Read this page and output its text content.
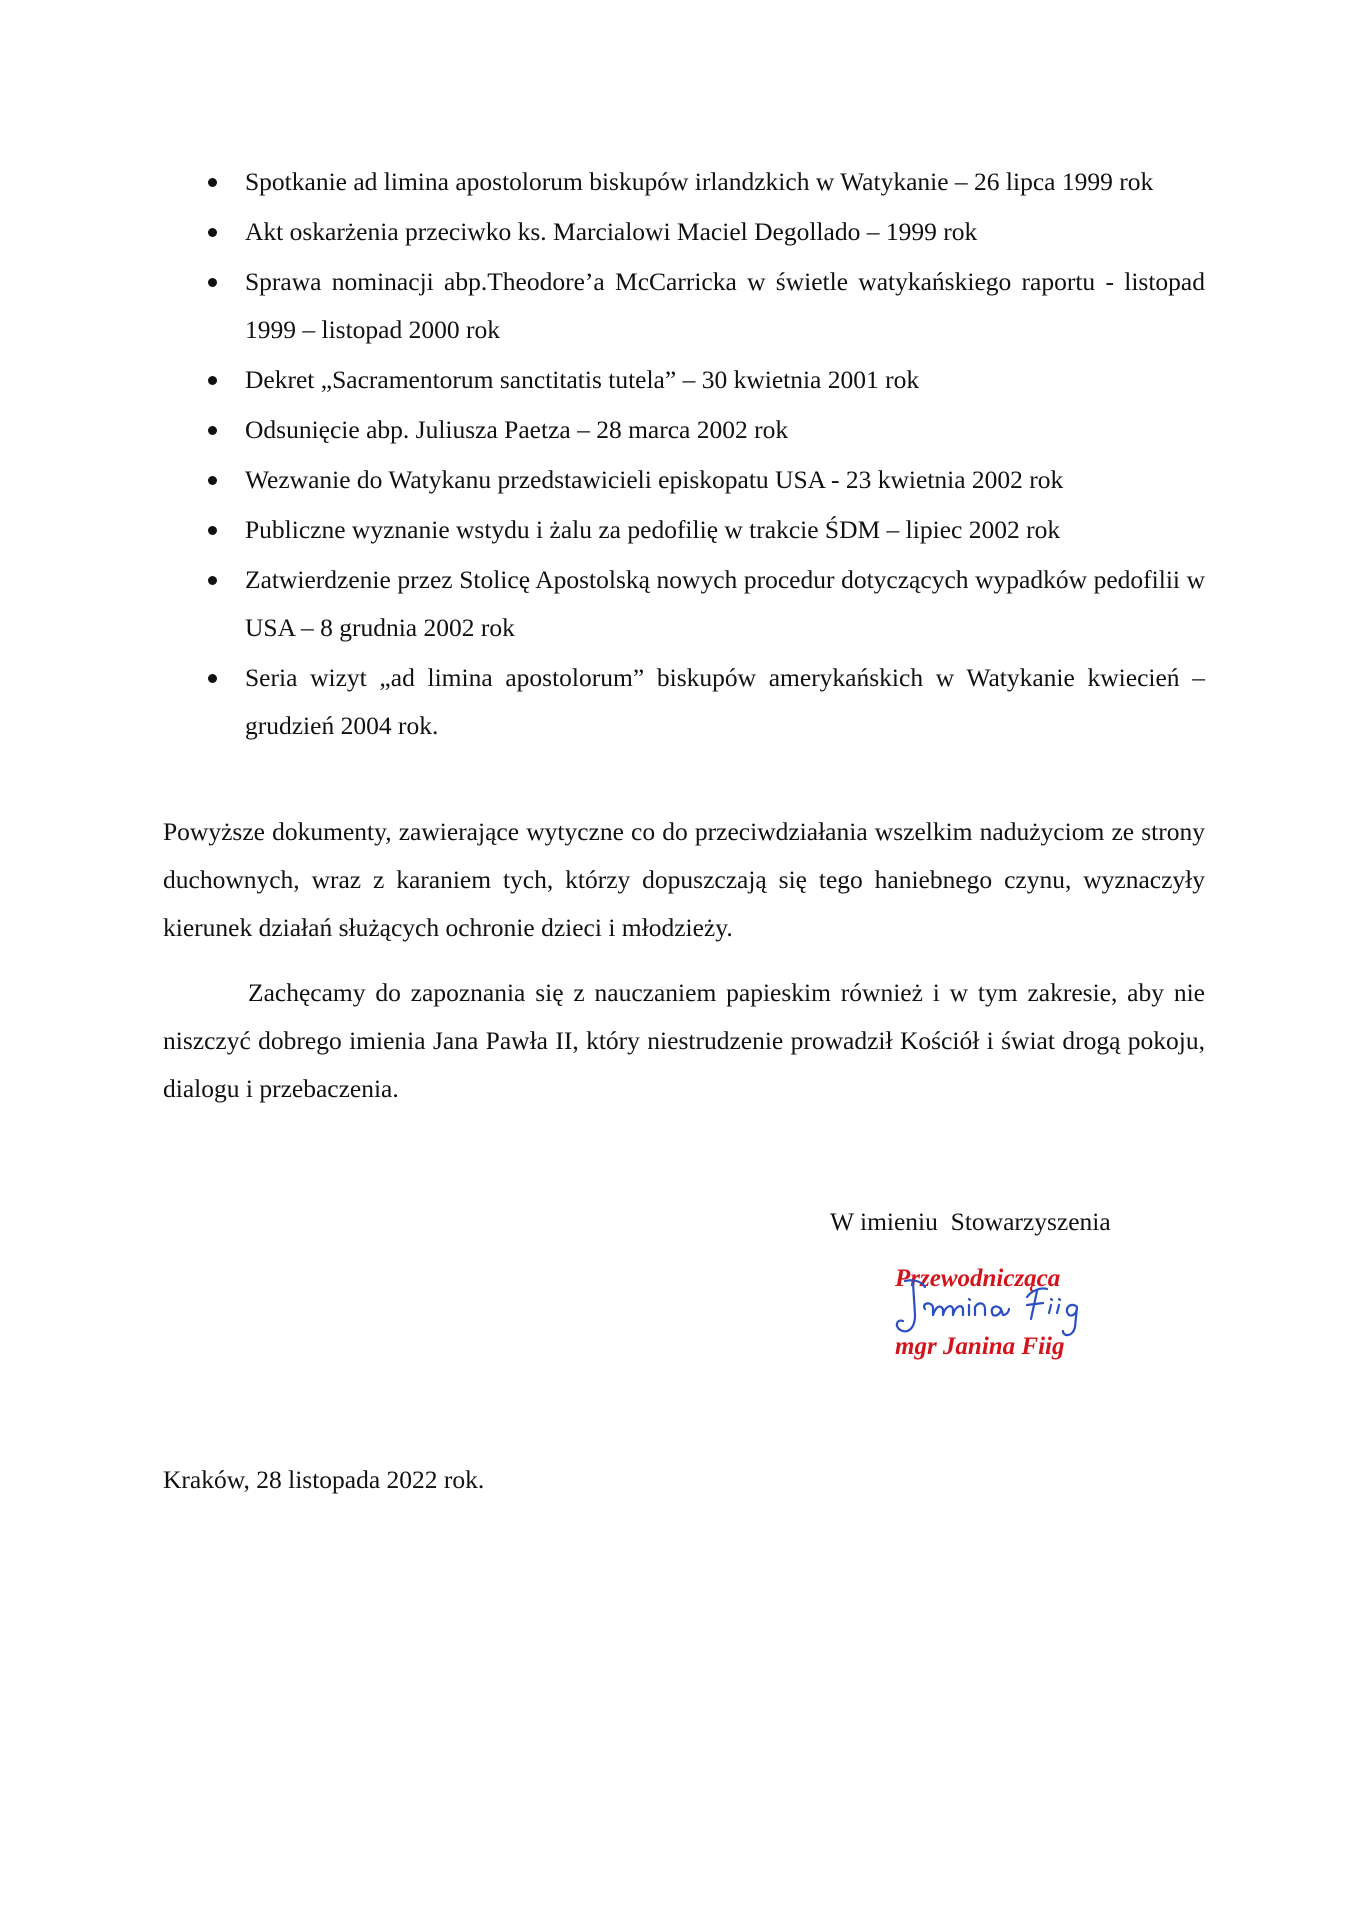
Spotkanie ad limina apostolorum biskupów irlandzkich w Watykanie – 26 lipca 1999 rok
Akt oskarżenia przeciwko ks. Marcialowi Maciel Degollado – 1999 rok
Sprawa nominacji abp.Theodore’a McCarricka w świetle watykańskiego raportu - listopad 1999 – listopad 2000 rok
Dekret „Sacramentorum sanctitatis tutela” – 30 kwietnia 2001 rok
Odsunięcie abp. Juliusza Paetza – 28 marca 2002 rok
Wezwanie do Watykanu przedstawicieli episkopatu USA - 23 kwietnia 2002 rok
Publiczne wyznanie wstydu i żalu za pedofilię w trakcie ŚDM – lipiec 2002 rok
Zatwierdzenie przez Stolicę Apostolską nowych procedur dotyczących wypadków pedofilii w USA – 8 grudnia 2002 rok
Seria wizyt „ad limina apostolorum” biskupów amerykańskich w Watykanie kwiecień – grudzień 2004 rok.

Powyższe dokumenty, zawierające wytyczne co do przeciwdziałania wszelkim nadużyciom ze strony duchownych, wraz z karaniem tych, którzy dopuszczają się tego haniebnego czynu, wyznaczyły kierunek działań służących ochronie dzieci i młodzieży.

Zachęcamy do zapoznania się z nauczaniem papieskim również i w tym zakresie, aby nie niszczyć dobrego imienia Jana Pawła II, który niestrudzenie prowadził Kościół i świat drogą pokoju, dialogu i przebaczenia.

W imieniu  Stowarzyszenia
Przewodnicząca
mgr Janina Fiig
Kraków, 28 listopada 2022 rok.
